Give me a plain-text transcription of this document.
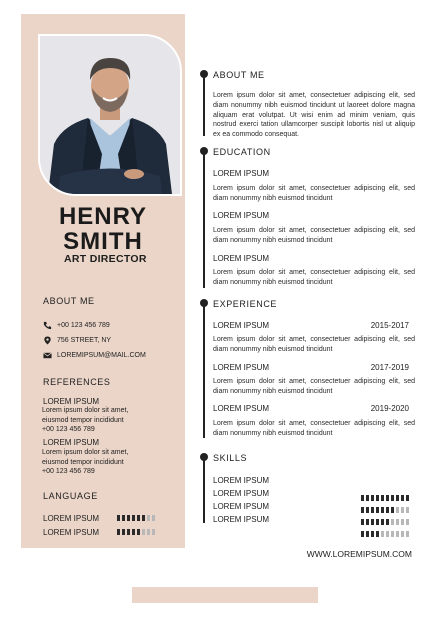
HENRY
SMITH
ART DIRECTOR
ABOUT ME
+00 123 456 789
756 STREET, NY
LOREMIPSUM@MAIL.COM
REFERENCES
LOREM IPSUM
Lorem ipsum dolor sit amet,
eiusmod tempor incididunt
+00 123 456 789
LOREM IPSUM
Lorem ipsum dolor sit amet,
eiusmod tempor incididunt
+00 123 456 789
LANGUAGE
LOREM IPSUM
LOREM IPSUM
ABOUT ME
Lorem ipsum dolor sit amet, consectetuer adipiscing elit, sed diam nonummy nibh euismod tincidunt ut laoreet dolore magna aliquam erat volutpat. Ut wisi enim ad minim veniam, quis nostrud exerci tation ullamcorper suscipit lobortis nisl ut aliquip ex ea commodo consequat.
EDUCATION
LOREM IPSUM
Lorem ipsum dolor sit amet, consectetuer adipiscing elit, sed diam nonummy nibh euismod tincidunt
LOREM IPSUM
Lorem ipsum dolor sit amet, consectetuer adipiscing elit, sed diam nonummy nibh euismod tincidunt
LOREM IPSUM
Lorem ipsum dolor sit amet, consectetuer adipiscing elit, sed diam nonummy nibh euismod tincidunt
EXPERIENCE
LOREM IPSUM	2015-2017
Lorem ipsum dolor sit amet, consectetuer adipiscing elit, sed diam nonummy nibh euismod tincidunt
LOREM IPSUM	2017-2019
Lorem ipsum dolor sit amet, consectetuer adipiscing elit, sed diam nonummy nibh euismod tincidunt
LOREM IPSUM	2019-2020
Lorem ipsum dolor sit amet, consectetuer adipiscing elit, sed diam nonummy nibh euismod tincidunt
SKILLS
LOREM IPSUM
LOREM IPSUM
LOREM IPSUM
LOREM IPSUM
WWW.LOREMIPSUM.COM
